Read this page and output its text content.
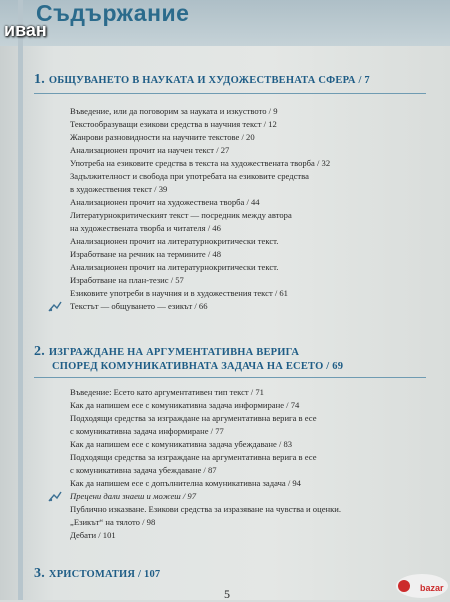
Съдържание
иван
1. ОБЩУВАНЕТО В НАУКАТА И ХУДОЖЕСТВЕНАТА СФЕРА / 7
Въведение, или да поговорим за науката и изкуството / 9
Текстообразуващи езикови средства в научния текст / 12
Жанрови разновидности на научните текстове / 20
Анализационен прочит на научен текст / 27
Употреба на езиковите средства в текста на художествената творба / 32
Задължителност и свобода при употребата на езиковите средства
в художествения текст / 39
Анализационен прочит на художествена творба / 44
Литературнокритическият текст — посредник между автора
на художествената творба и читателя / 46
Анализационен прочит на литературнокритически текст.
Изработване на речник на термините / 48
Анализационен прочит на литературнокритически текст.
Изработване на план-тезис / 57
Езиковите употреби в научния и в художествения текст / 61
Текстът — общуването — езикът / 66
2. ИЗГРАЖДАНЕ НА АРГУМЕНТАТИВНА ВЕРИГА
СПОРЕД КОМУНИКАТИВНАТА ЗАДАЧА НА ЕСЕТО / 69
Въведение: Есето като аргументативен тип текст / 71
Как да напишем есе с комуникативна задача информиране / 74
Подходящи средства за изграждане на аргументативна верига в есе
с комуникативна задача информиране / 77
Как да напишем есе с комуникативна задача убеждаване / 83
Подходящи средства за изграждане на аргументативна верига в есе
с комуникативна задача убеждаване / 87
Как да напишем есе с допълнителна комуникативна задача / 94
Прецени дали знаеш и можеш / 97
Публично изказване. Езикови средства за изразяване на чувства и оценки.
„Езикът“ на тялото / 98
Дебати / 101
3. ХРИСТОМАТИЯ / 107
5	bazar
